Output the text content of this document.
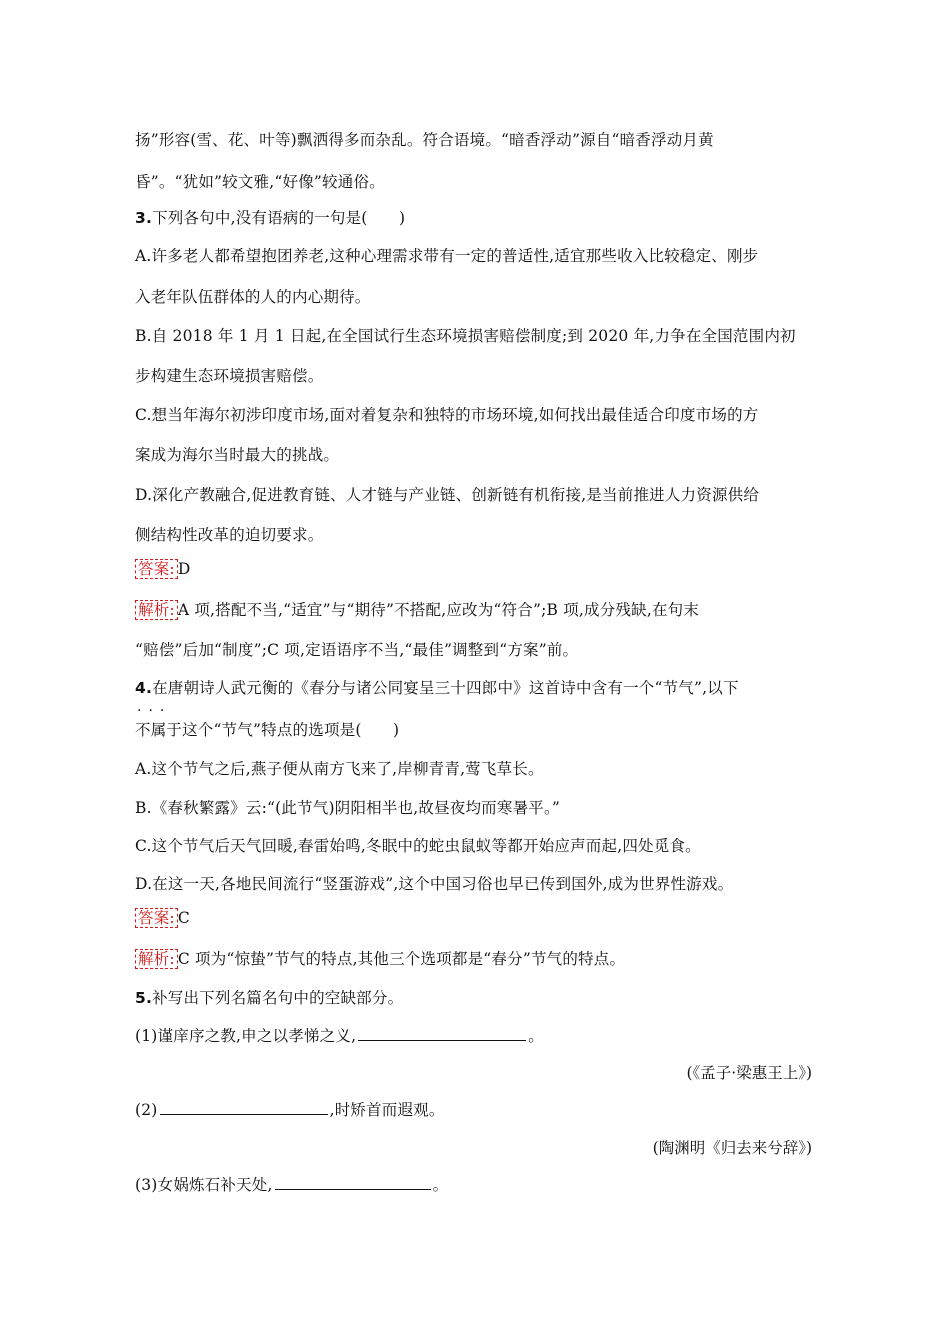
扬”形容(雪、花、叶等)飘洒得多而杂乱。符合语境。“暗香浮动”源自“暗香浮动月黄
昏”。“犹如”较文雅,“好像”较通俗。
3.下列各句中,没有语病的一句是(　　)
A.许多老人都希望抱团养老,这种心理需求带有一定的普适性,适宜那些收入比较稳定、刚步
入老年队伍群体的人的内心期待。
B.自 2018 年 1 月 1 日起,在全国试行生态环境损害赔偿制度;到 2020 年,力争在全国范围内初
步构建生态环境损害赔偿。
C.想当年海尔初涉印度市场,面对着复杂和独特的市场环境,如何找出最佳适合印度市场的方
案成为海尔当时最大的挑战。
D.深化产教融合,促进教育链、人才链与产业链、创新链有机衔接,是当前推进人力资源供给
侧结构性改革的迫切要求。
答案: D
解析: A 项,搭配不当,“适宜”与“期待”不搭配,应改为“符合”;B 项,成分残缺,在句末
“赔偿”后加“制度”;C 项,定语语序不当,“最佳”调整到“方案”前。
4.在唐朝诗人武元衡的《春分与诸公同宴呈三十四郎中》这首诗中含有一个“节气”,以下
···
不属于这个“节气”特点的选项是(　　)
A.这个节气之后,燕子便从南方飞来了,岸柳青青,莺飞草长。
B.《春秋繁露》云:“(此节气)阴阳相半也,故昼夜均而寒暑平。”
C.这个节气后天气回暖,春雷始鸣,冬眠中的蛇虫鼠蚁等都开始应声而起,四处觅食。
D.在这一天,各地民间流行“竖蛋游戏”,这个中国习俗也早已传到国外,成为世界性游戏。
答案: C
解析: C 项为“惊蛰”节气的特点,其他三个选项都是“春分”节气的特点。
5.补写出下列名篇名句中的空缺部分。
(1)谨庠序之教,申之以孝悌之义,	。
(《孟子·梁惠王上》)
(2)	,时矫首而遐观。
(陶渊明《归去来兮辞》)
(3)女娲炼石补天处,	。
